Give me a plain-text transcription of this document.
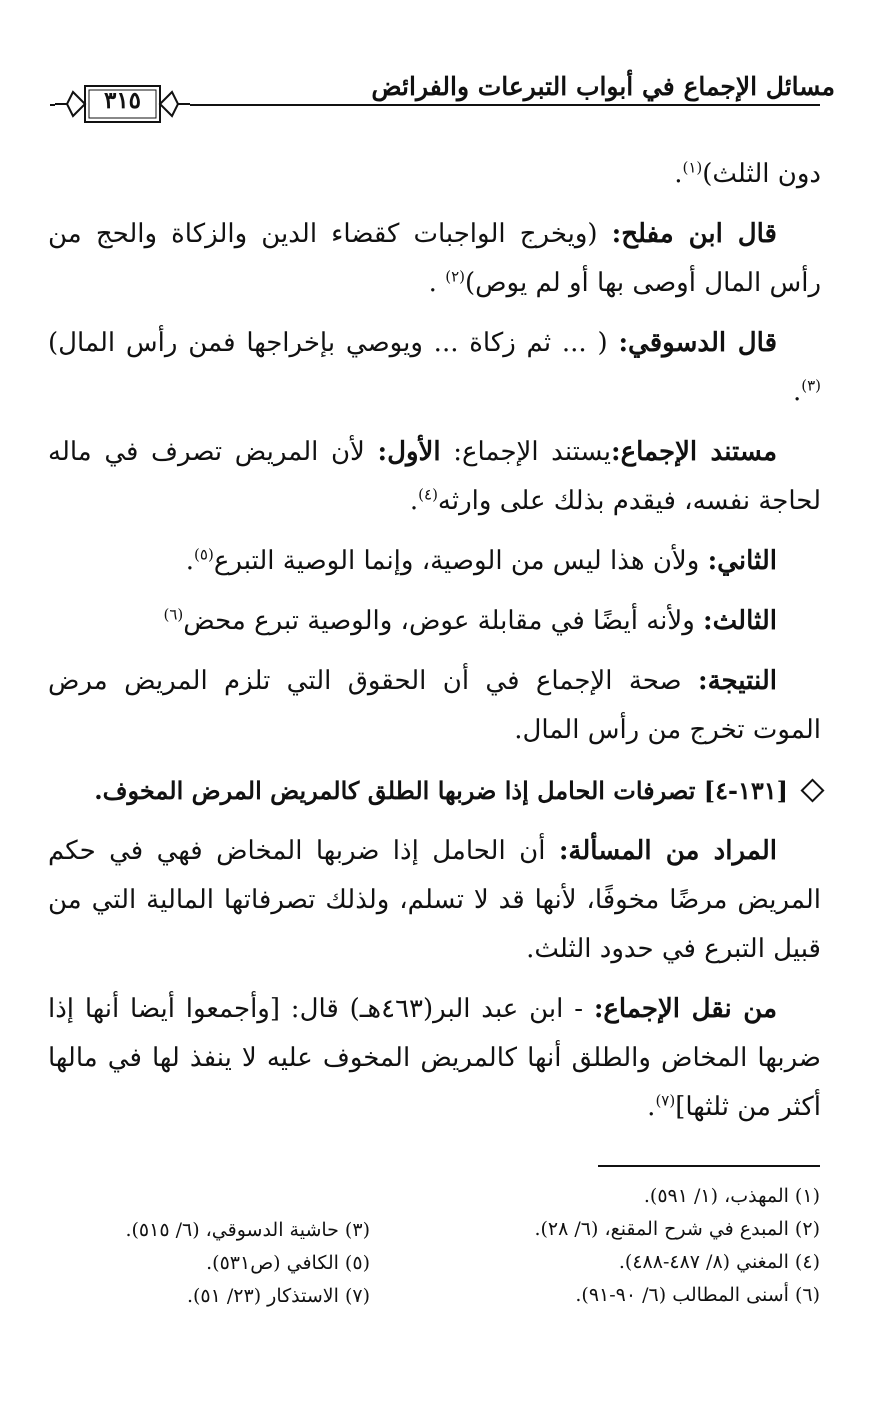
مسائل الإجماع في أبواب التبرعات والفرائض
٣١٥

دون الثلث)$^{(١)}$.

قال ابن مفلح: (ويخرج الواجبات كقضاء الدين والزكاة والحج من رأس المال أوصى بها أو لم يوص)$^{(٢)}$ .

قال الدسوقي: ( ... ثم زكاة ... ويوصي بإخراجها فمن رأس المال)$^{(٣)}$.

مستند الإجماع:يستند الإجماع: الأول: لأن المريض تصرف في ماله لحاجة نفسه، فيقدم بذلك على وارثه$^{(٤)}$.

الثاني: ولأن هذا ليس من الوصية، وإنما الوصية التبرع$^{(٥)}$.

الثالث: ولأنه أيضًا في مقابلة عوض، والوصية تبرع محض$^{(٦)}$

النتيجة: صحة الإجماع في أن الحقوق التي تلزم المريض مرض الموت تخرج من رأس المال.

[١٣١-٤] تصرفات الحامل إذا ضربها الطلق كالمريض المرض المخوف.

المراد من المسألة: أن الحامل إذا ضربها المخاض فهي في حكم المريض مرضًا مخوفًا، لأنها قد لا تسلم، ولذلك تصرفاتها المالية التي من قبيل التبرع في حدود الثلث.

من نقل الإجماع: - ابن عبد البر(٤٦٣هـ) قال: [وأجمعوا أيضا أنها إذا ضربها المخاض والطلق أنها كالمريض المخوف عليه لا ينفذ لها في مالها أكثر من ثلثها]$^{(٧)}$.

(١) المهذب، (١/ ٥٩١).

(٢) المبدع في شرح المقنع، (٦/ ٢٨).

(٤) المغني (٨/ ٤٨٧-٤٨٨).

(٦) أسنى المطالب (٦/ ٩٠-٩١).

(٣) حاشية الدسوقي، (٦/ ٥١٥).

(٥) الكافي (ص٥٣١).

(٧) الاستذكار (٢٣/ ٥١).
